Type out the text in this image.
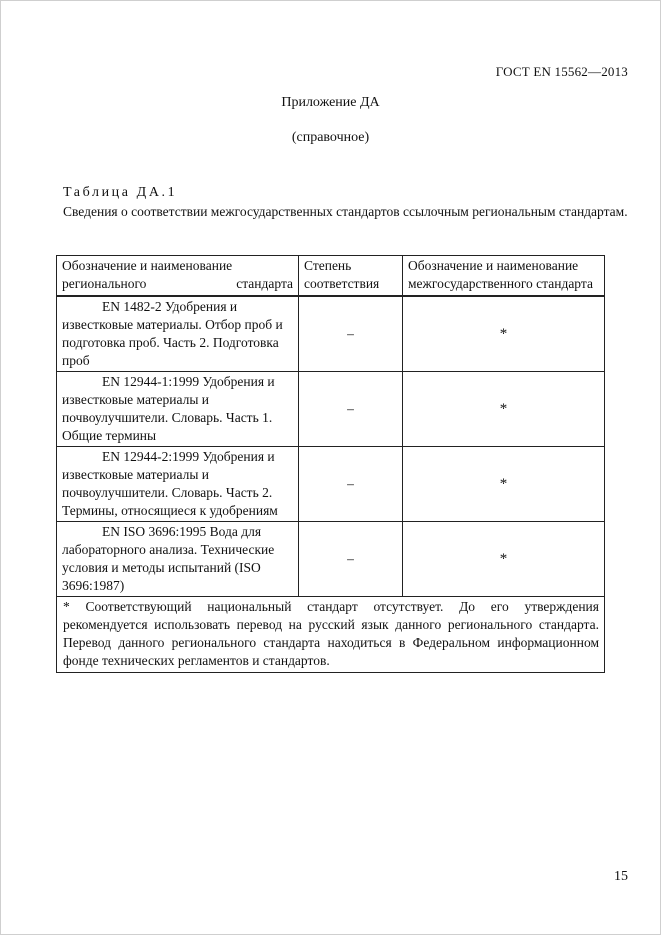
ГОСТ EN 15562—2013
Приложение ДА
(справочное)
Таблица ДА.1
Сведения о соответствии межгосударственных стандартов ссылочным региональным стандартам.
Обозначение и наименование регионального стандарта	Степень соответствия	Обозначение и наименование межгосударственного стандарта

EN 1482-2 Удобрения и известковые материалы. Отбор проб и подготовка проб. Часть 2. Подготовка проб	–	*

EN 12944-1:1999 Удобрения и известковые материалы и почвоулучшители. Словарь. Часть 1. Общие термины	–	*

EN 12944-2:1999 Удобрения и известковые материалы и почвоулучшители. Словарь. Часть 2. Термины, относящиеся к удобрениям	–	*

EN ISO 3696:1995 Вода для лабораторного анализа. Технические условия и методы испытаний (ISO 3696:1987)	–	*
* Соответствующий национальный стандарт отсутствует. До его утверждения рекомендуется использовать перевод на русский язык данного регионального стандарта. Перевод данного регионального стандарта находиться в Федеральном информационном фонде технических регламентов и стандартов.		
15
